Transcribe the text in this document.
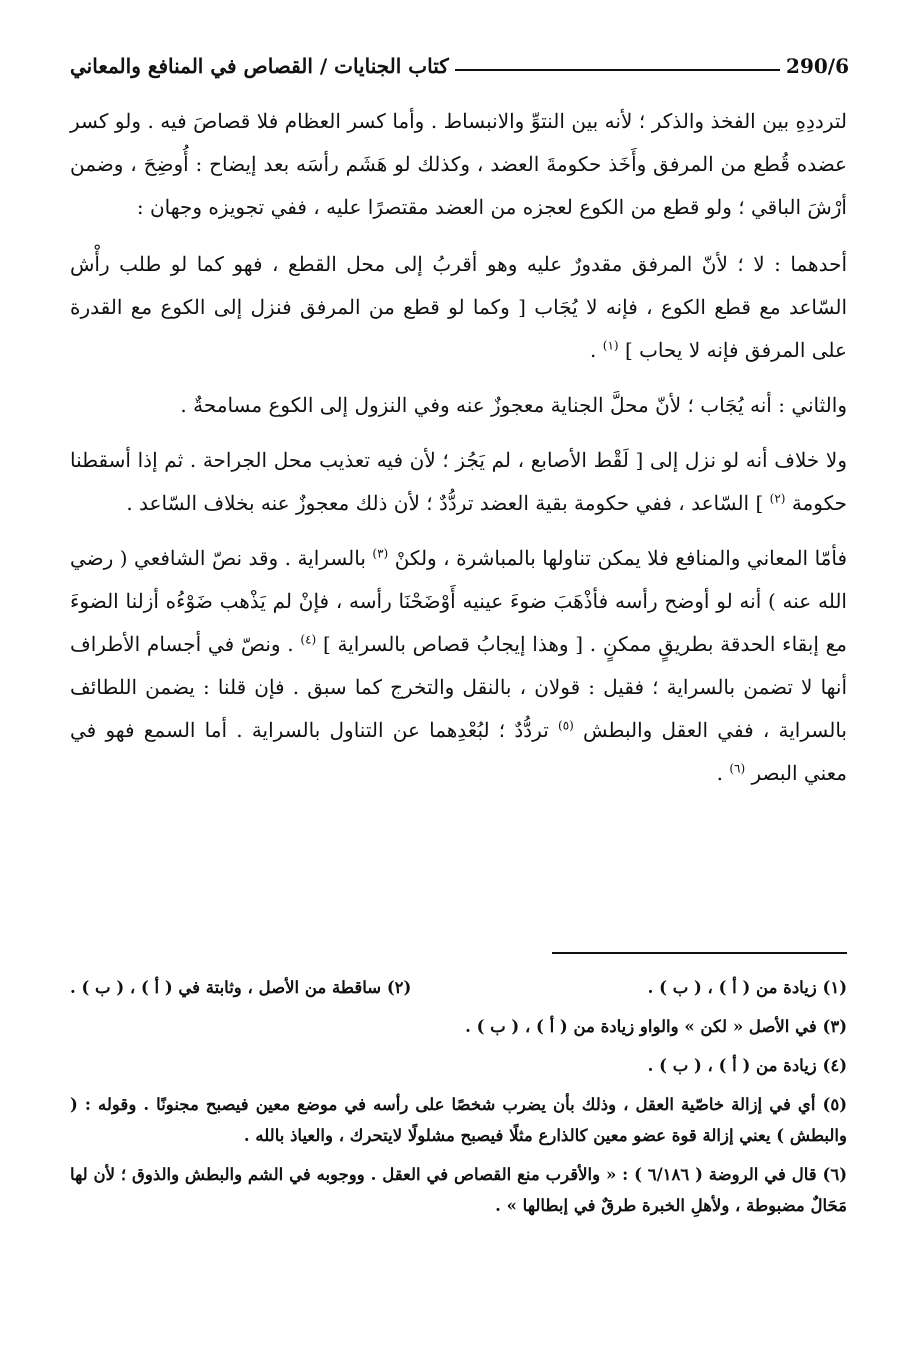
290/6
كتاب الجنايات / القصاص في المنافع والمعاني

لترددِهِ بين الفخذ والذكر ؛ لأنه بين النتوِّ والانبساط . وأما كسر العظام فلا قصاصَ فيه . ولو كسر عضده قُطع من المرفق وأَخَذ حكومةَ العضد ، وكذلك لو هَشَم رأسَه بعد إيضاح : أُوضِحَ ، وضمن أرْشَ الباقي ؛ ولو قطع من الكوع لعجزه من العضد مقتصرًا عليه ، ففي تجويزه وجهان :

أحدهما : لا ؛ لأنّ المرفق مقدورٌ عليه وهو أقربُ إلى محل القطع ، فهو كما لو طلب رأْش السّاعد مع قطع الكوع ، فإنه لا يُجَاب [ وكما لو قطع من المرفق فنزل إلى الكوع مع القدرة على المرفق فإنه لا يحاب ] $^{(١)}$ .

والثاني : أنه يُجَاب ؛ لأنّ محلَّ الجناية معجوزٌ عنه وفي النزول إلى الكوع مسامحةٌ .

ولا خلاف أنه لو نزل إلى [ لَقْط الأصابع ، لم يَجُز ؛ لأن فيه تعذيب محل الجراحة . ثم إذا أسقطنا حكومة $^{(٢)}$ ] السّاعد ، ففي حكومة بقية العضد تردُّدٌ ؛ لأن ذلك معجوزٌ عنه بخلاف السّاعد .

فأمّا المعاني والمنافع فلا يمكن تناولها بالمباشرة ، ولكنْ $^{(٣)}$ بالسراية . وقد نصّ الشافعي ( رضي الله عنه ) أنه لو أوضح رأسه فأذْهَبَ ضوءَ عينيه أَوْضَحْنَا رأسه ، فإنْ لم يَذْهب ضَوْءُه أزلنا الضوءَ مع إبقاء الحدقة بطريقٍ ممكنٍ . [ وهذا إيجابُ قصاص بالسراية ] $^{(٤)}$ . ونصّ في أجسام الأطراف أنها لا تضمن بالسراية ؛ فقيل : قولان ، بالنقل والتخرج كما سبق . فإن قلنا : يضمن اللطائف بالسراية ، ففي العقل والبطش $^{(٥)}$ تردُّدٌ ؛ لبُعْدِهما عن التناول بالسراية . أما السمع فهو في معني البصر $^{(٦)}$ .

(١) زيادة من ( أ ) ، ( ب ) .
(٢) ساقطة من الأصل ، وثابتة في ( أ ) ، ( ب ) .
(٣) في الأصل « لكن » والواو زيادة من ( أ ) ، ( ب ) .
(٤) زيادة من ( أ ) ، ( ب ) .
(٥) أي في إزالة خاصّية العقل ، وذلك بأن يضرب شخصًا على رأسه في موضع معين فيصبح مجنونًا . وقوله : ( والبطش ) يعني إزالة قوة عضو معين كالذارع مثلًا فيصبح مشلولًا لايتحرك ، والعياذ بالله .
(٦) قال في الروضة ( ٦/١٨٦ ) : « والأقرب منع القصاص في العقل . ووجوبه في الشم والبطش والذوق ؛ لأن لها مَحَالٌ مضبوطة ، ولأهلِ الخبرة طرقٌ في إبطالها » .
